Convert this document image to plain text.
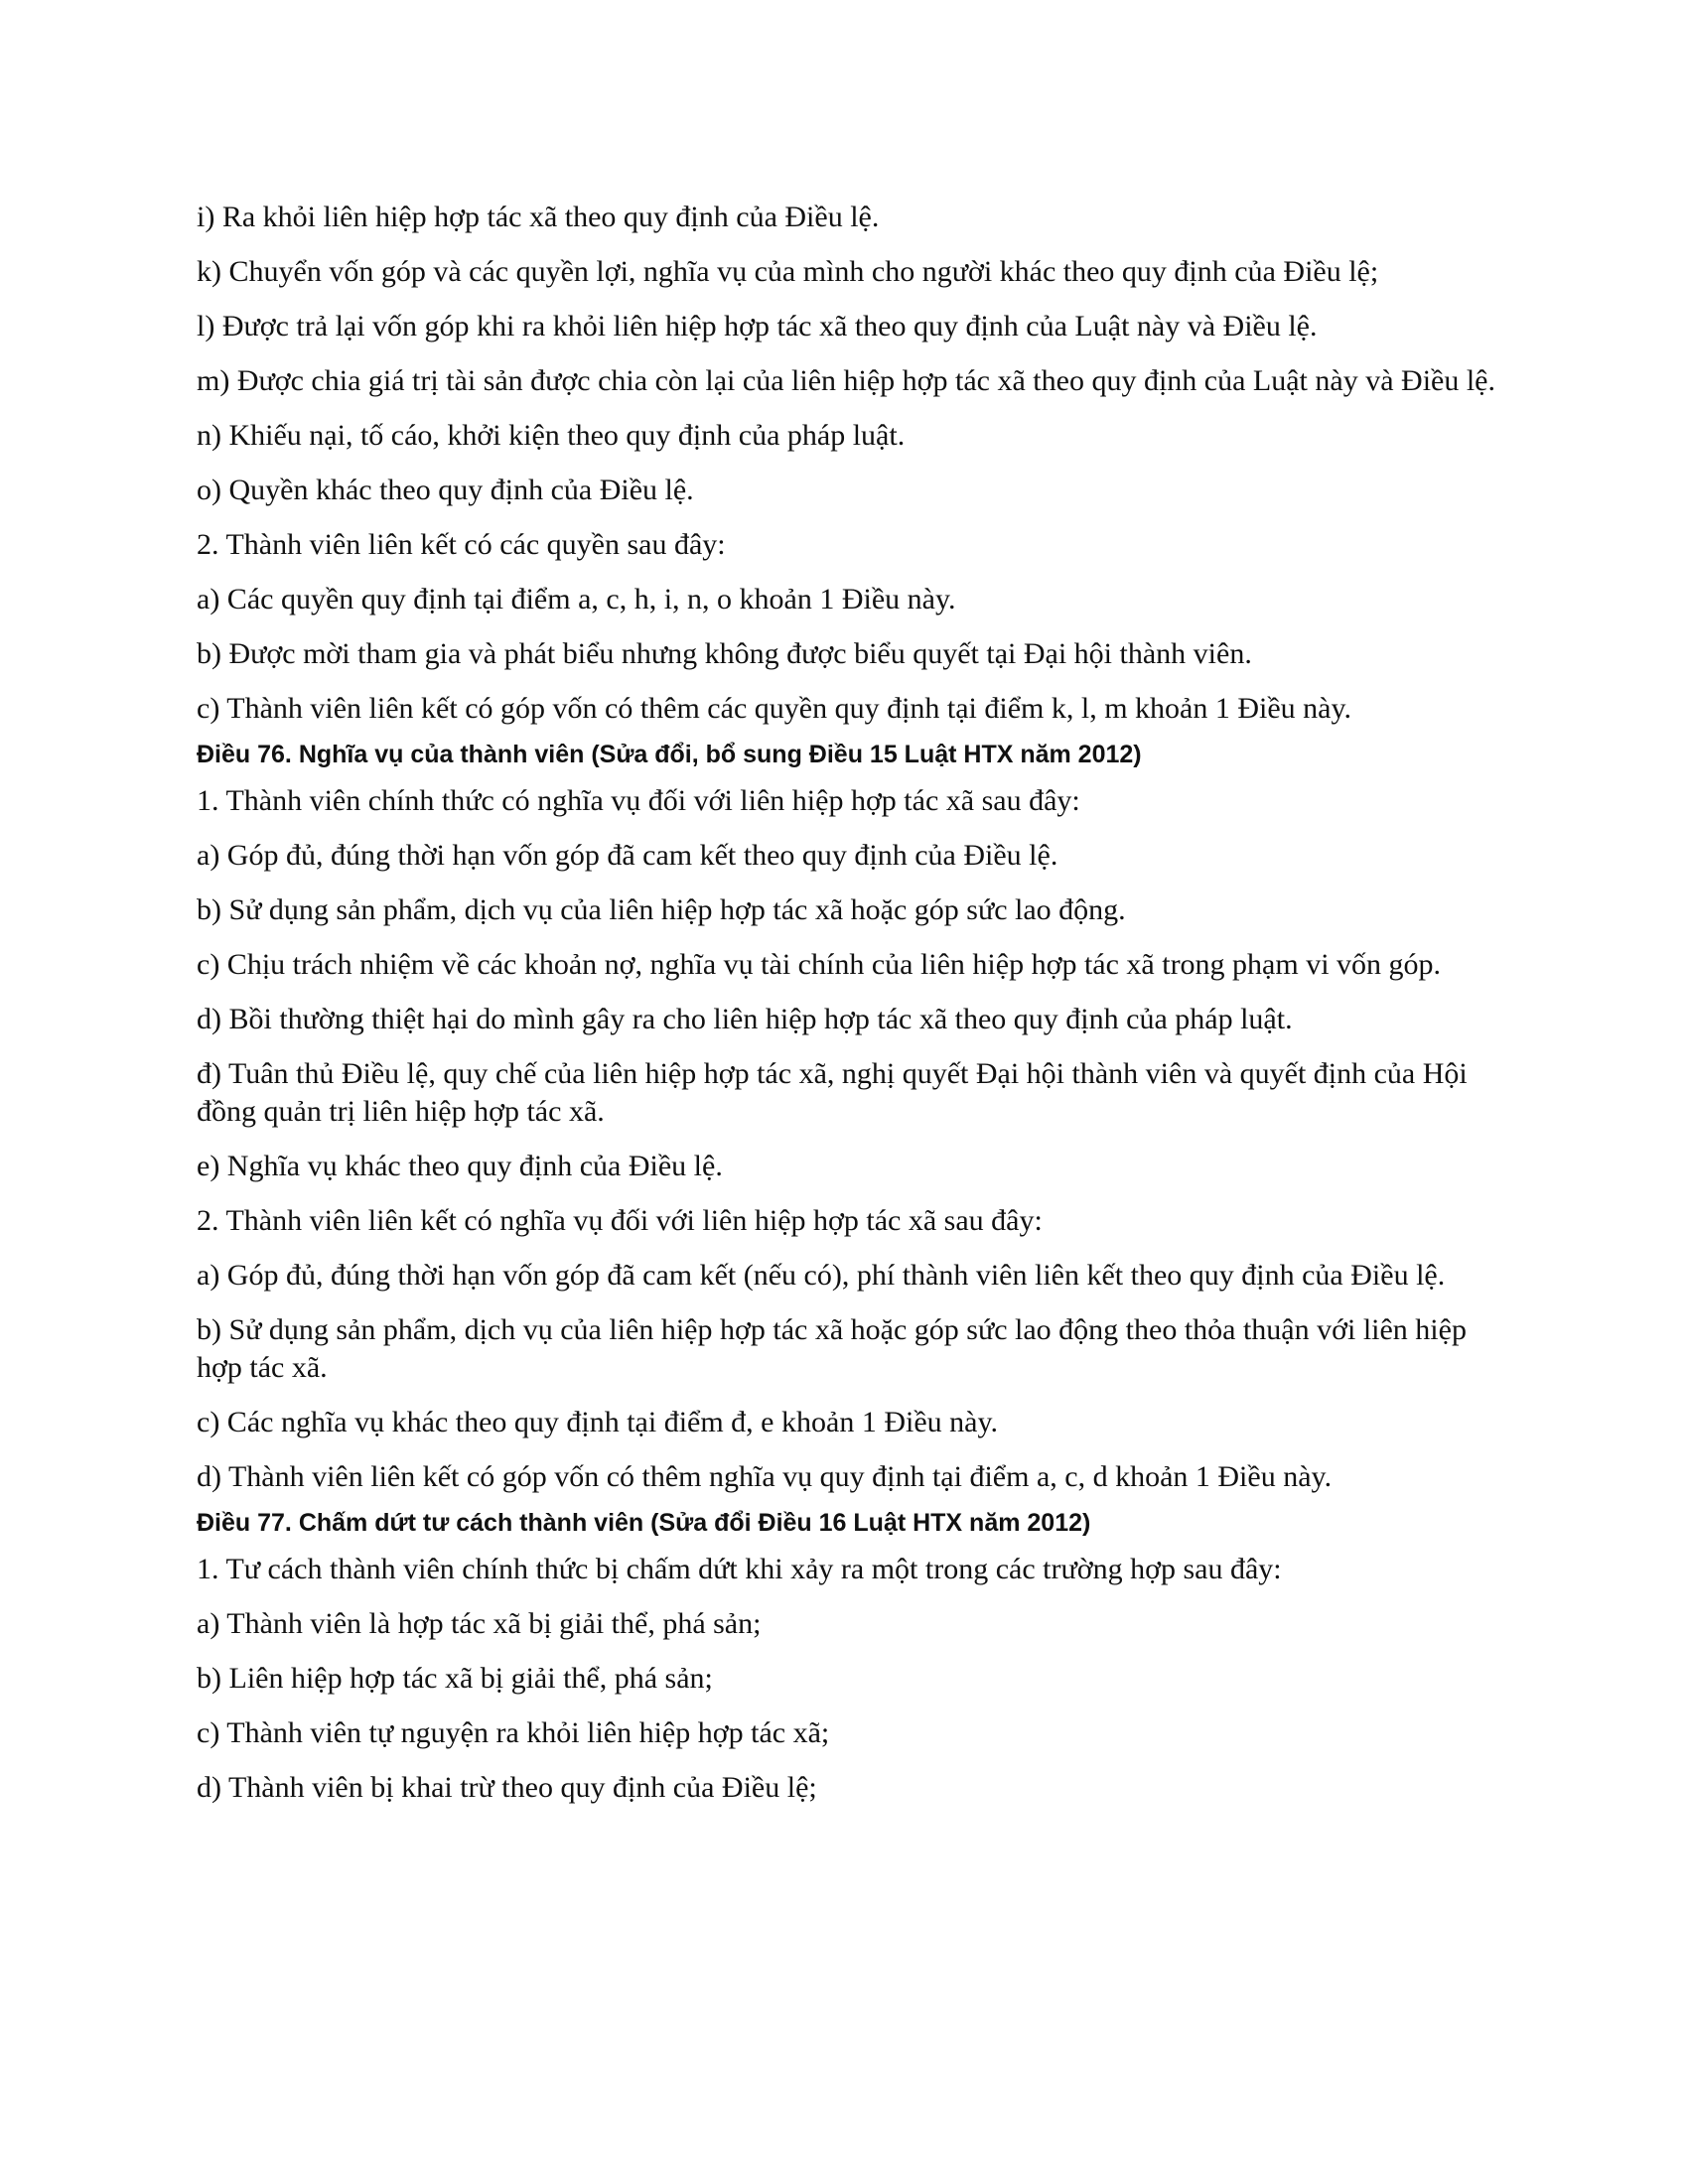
i) Ra khỏi liên hiệp hợp tác xã theo quy định của Điều lệ.

k) Chuyển vốn góp và các quyền lợi, nghĩa vụ của mình cho người khác theo quy định của Điều lệ;

l) Được trả lại vốn góp khi ra khỏi liên hiệp hợp tác xã theo quy định của Luật này và Điều lệ.

m) Được chia giá trị tài sản được chia còn lại của liên hiệp hợp tác xã theo quy định của Luật này và Điều lệ.

n) Khiếu nại, tố cáo, khởi kiện theo quy định của pháp luật.

o) Quyền khác theo quy định của Điều lệ.

2. Thành viên liên kết có các quyền sau đây:

a) Các quyền quy định tại điểm a, c, h, i, n, o khoản 1 Điều này.

b) Được mời tham gia và phát biểu nhưng không được biểu quyết tại Đại hội thành viên.

c) Thành viên liên kết có góp vốn có thêm các quyền quy định tại điểm k, l, m khoản 1 Điều này.

Điều 76. Nghĩa vụ của thành viên (Sửa đổi, bổ sung Điều 15 Luật HTX năm 2012)

1. Thành viên chính thức có nghĩa vụ đối với liên hiệp hợp tác xã sau đây:

a) Góp đủ, đúng thời hạn vốn góp đã cam kết theo quy định của Điều lệ.

b) Sử dụng sản phẩm, dịch vụ của liên hiệp hợp tác xã hoặc góp sức lao động.

c) Chịu trách nhiệm về các khoản nợ, nghĩa vụ tài chính của liên hiệp hợp tác xã trong phạm vi vốn góp.

d) Bồi thường thiệt hại do mình gây ra cho liên hiệp hợp tác xã theo quy định của pháp luật.

đ) Tuân thủ Điều lệ, quy chế của liên hiệp hợp tác xã, nghị quyết Đại hội thành viên và quyết định của Hội đồng quản trị liên hiệp hợp tác xã.

e) Nghĩa vụ khác theo quy định của Điều lệ.

2. Thành viên liên kết có nghĩa vụ đối với liên hiệp hợp tác xã sau đây:

a) Góp đủ, đúng thời hạn vốn góp đã cam kết (nếu có), phí thành viên liên kết theo quy định của Điều lệ.

b) Sử dụng sản phẩm, dịch vụ của liên hiệp hợp tác xã hoặc góp sức lao động theo thỏa thuận với liên hiệp hợp tác xã.

c) Các nghĩa vụ khác theo quy định tại điểm đ, e khoản 1 Điều này.

d) Thành viên liên kết có góp vốn có thêm nghĩa vụ quy định tại điểm a, c, d khoản 1 Điều này.

Điều 77. Chấm dứt tư cách thành viên (Sửa đổi Điều 16 Luật HTX năm 2012)

1. Tư cách thành viên chính thức bị chấm dứt khi xảy ra một trong các trường hợp sau đây:

a) Thành viên là hợp tác xã bị giải thể, phá sản;

b) Liên hiệp hợp tác xã bị giải thể, phá sản;

c) Thành viên tự nguyện ra khỏi liên hiệp hợp tác xã;

d) Thành viên bị khai trừ theo quy định của Điều lệ;
